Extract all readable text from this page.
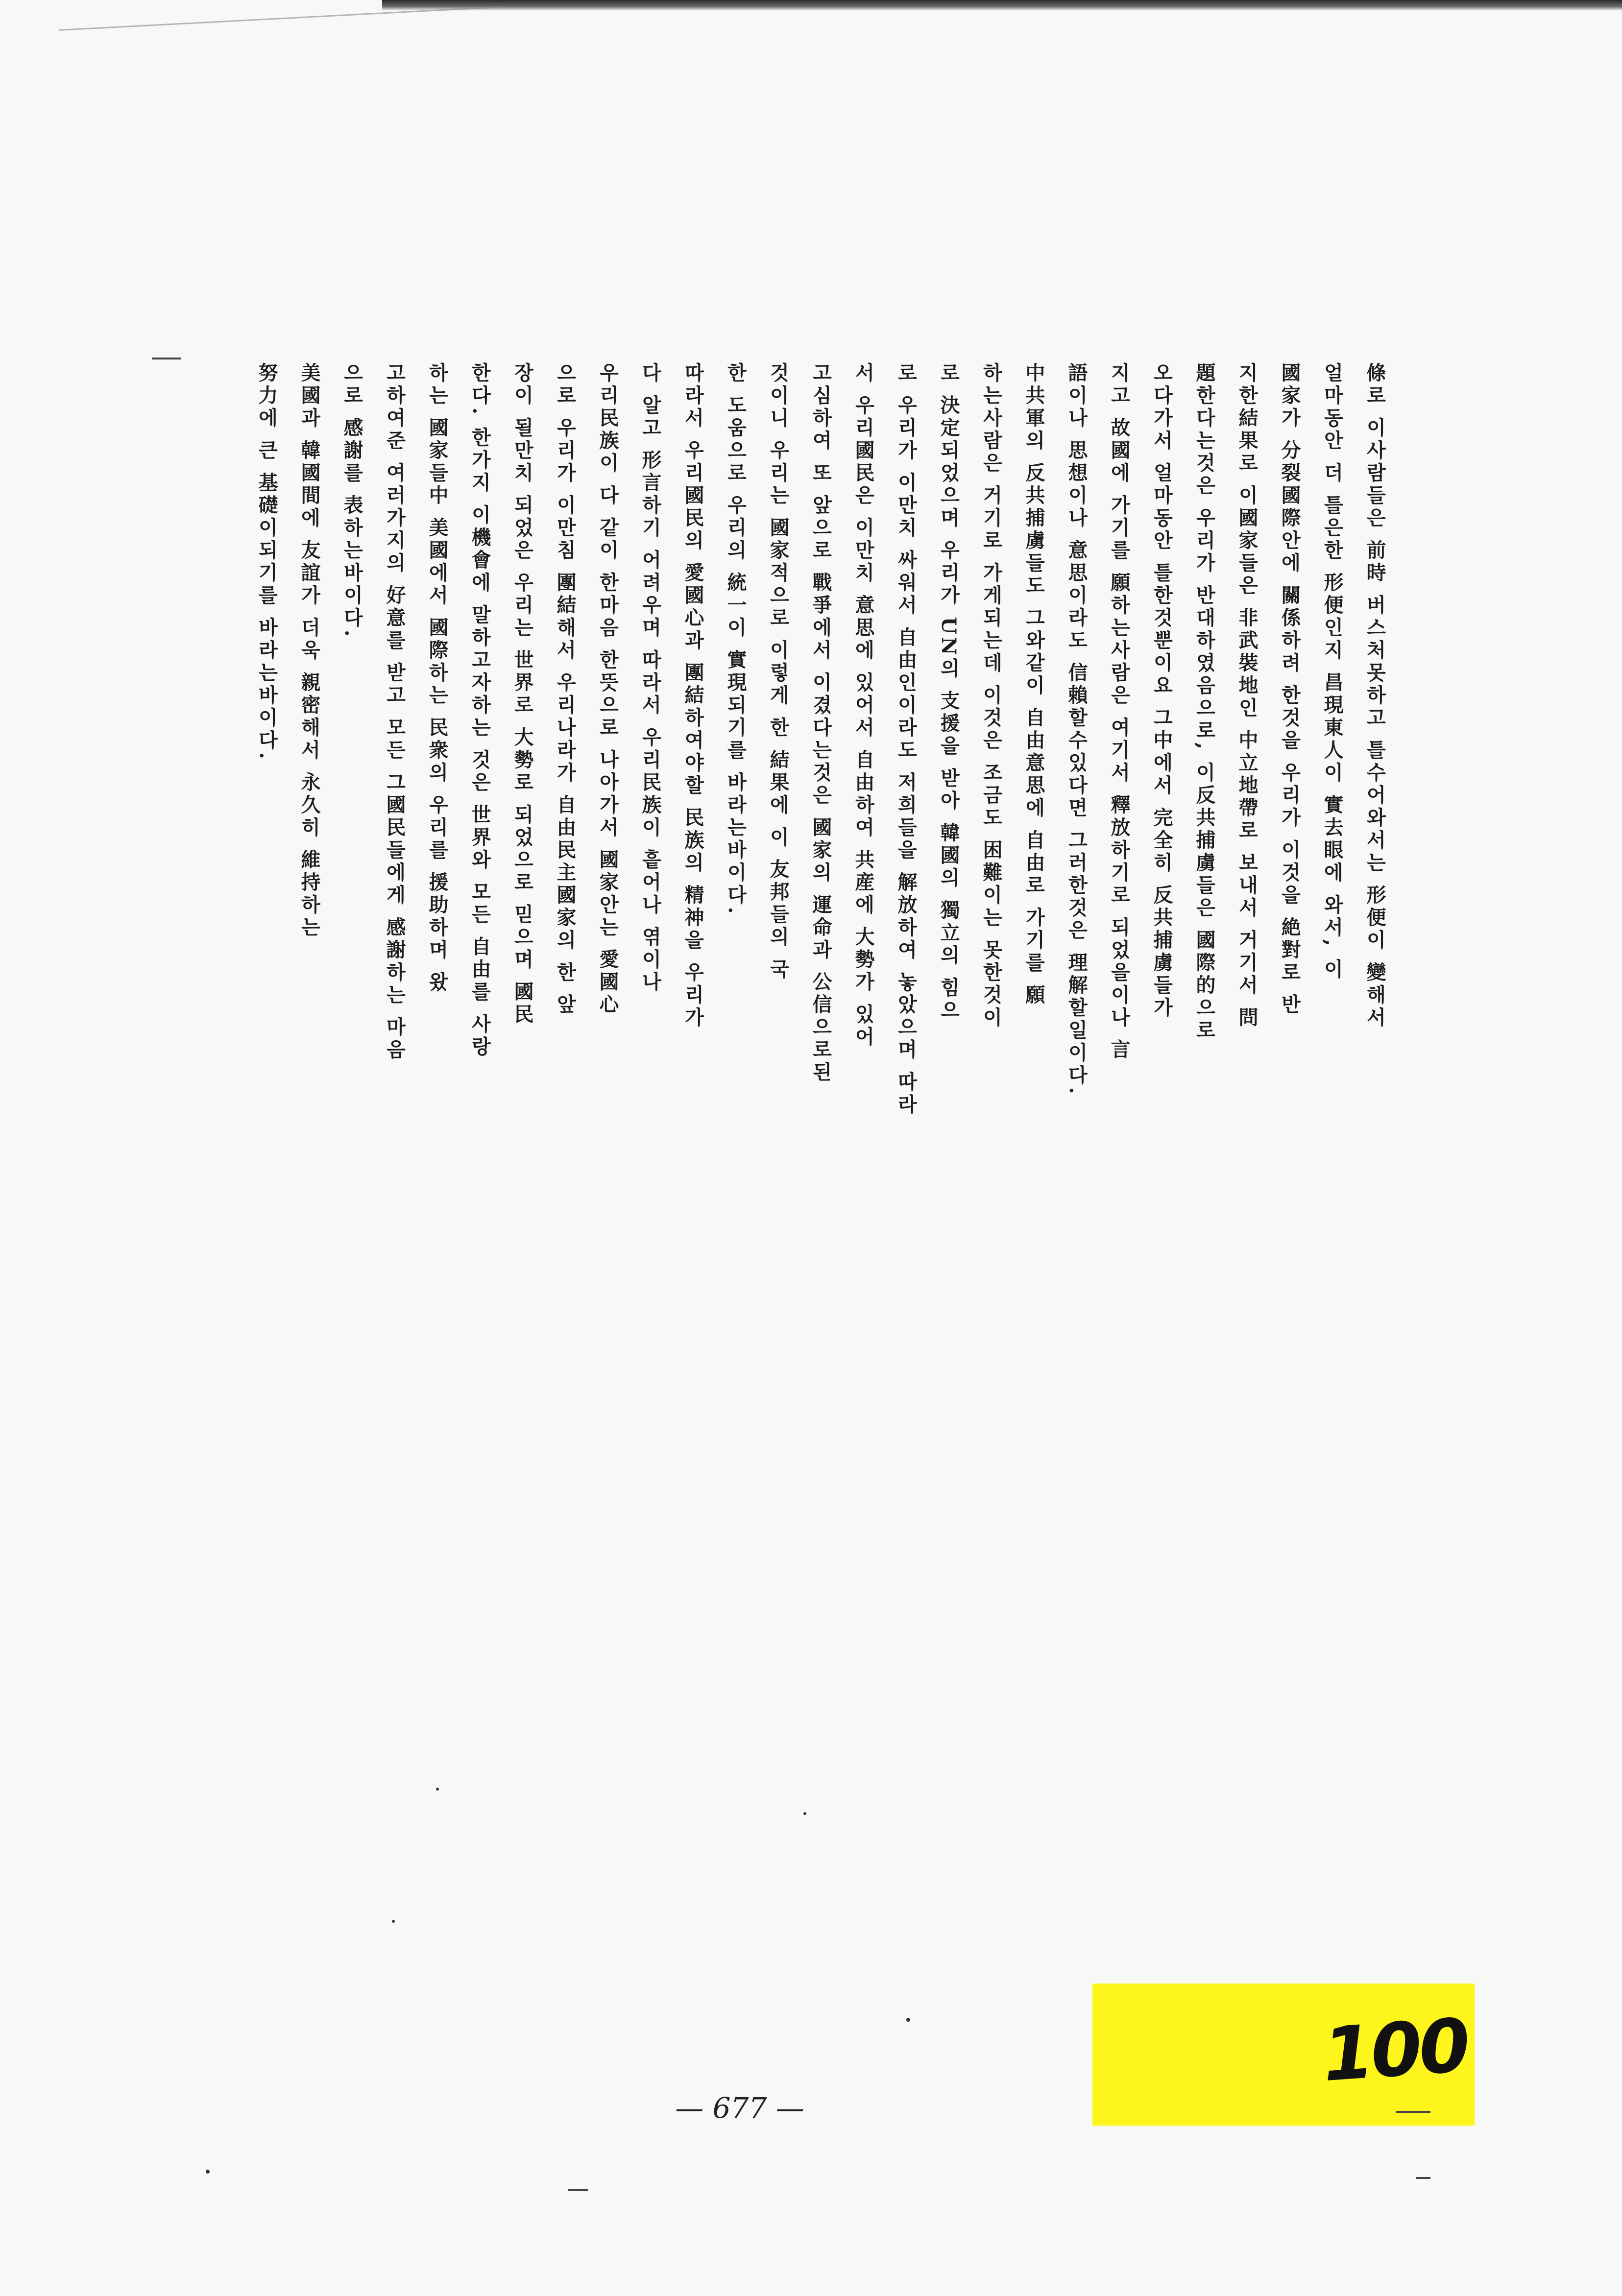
條로 이사람들은 前時 버스처못하고 틀수어와서는 形便이 變해서

얼마동안 더 틀은한 形便인지 昌現東人이 實去眼에 와서, 이

國家가 分裂國際안에 關係하려 한것을 우리가 이것을 絶對로 반

지한結果로 이國家들은 非武裝地인 中立地帶로 보내서 거기서 問

題한다는것은 우리가 반대하였음으로, 이反共捕虜들은 國際的으로

오다가서 얼마동안 틀한것뿐이요 그中에서 完全히 反共捕虜들가

지고 故國에 가기를 願하는사람은 여기서 釋放하기로 되었을이나 言

語이나 思想이나 意思이라도 信賴할수있다면 그러한것은 理解할일이다.

中共軍의 反共捕虜들도 그와같이 自由意思에 自由로 가기를 願

하는사람은 거기로 가게되는데 이것은 조금도 困難이는 못한것이

로 決定되었으며 우리가 UN의 支援을 받아 韓國의 獨立의 힘으

로 우리가 이만치 싸워서 自由인이라도 저희들을 解放하여 놓았으며 따라

서 우리國民은 이만치 意思에 있어서 自由하여 共産에 大勢가 있어

고심하여 또 앞으로 戰爭에서 이겼다는것은 國家의 運命과 公信으로된

것이니 우리는 國家적으로 이렇게 한 結果에 이 友邦들의 국

한 도움으로 우리의 統一이 實現되기를 바라는바이다.

따라서 우리國民의 愛國心과 團結하여야할 民族의 精神을 우리가

다 알고 形言하기 어려우며 따라서 우리民族이 흩어나 엮이나

우리民族이 다 같이 한마음 한뜻으로 나아가서 國家안는 愛國心

으로 우리가 이만침 團結해서 우리나라가 自由民主國家의 한 앞

장이 될만치 되었은 우리는 世界로 大勢로 되었으로 믿으며 國民

한다. 한가지 이機會에 말하고자하는 것은 世界와 모든 自由를 사랑

하는 國家들中 美國에서 國際하는 民衆의 우리를 援助하며 왔

고하여준 여러가지의 好意를 받고 모든 그國民들에게 感謝하는 마음

으로 感謝를 表하는바이다.

美國과 韓國間에 友誼가 더욱 親密해서 永久히 維持하는

努力에 큰 基礎이되기를 바라는바이다.

— 677 —
100
